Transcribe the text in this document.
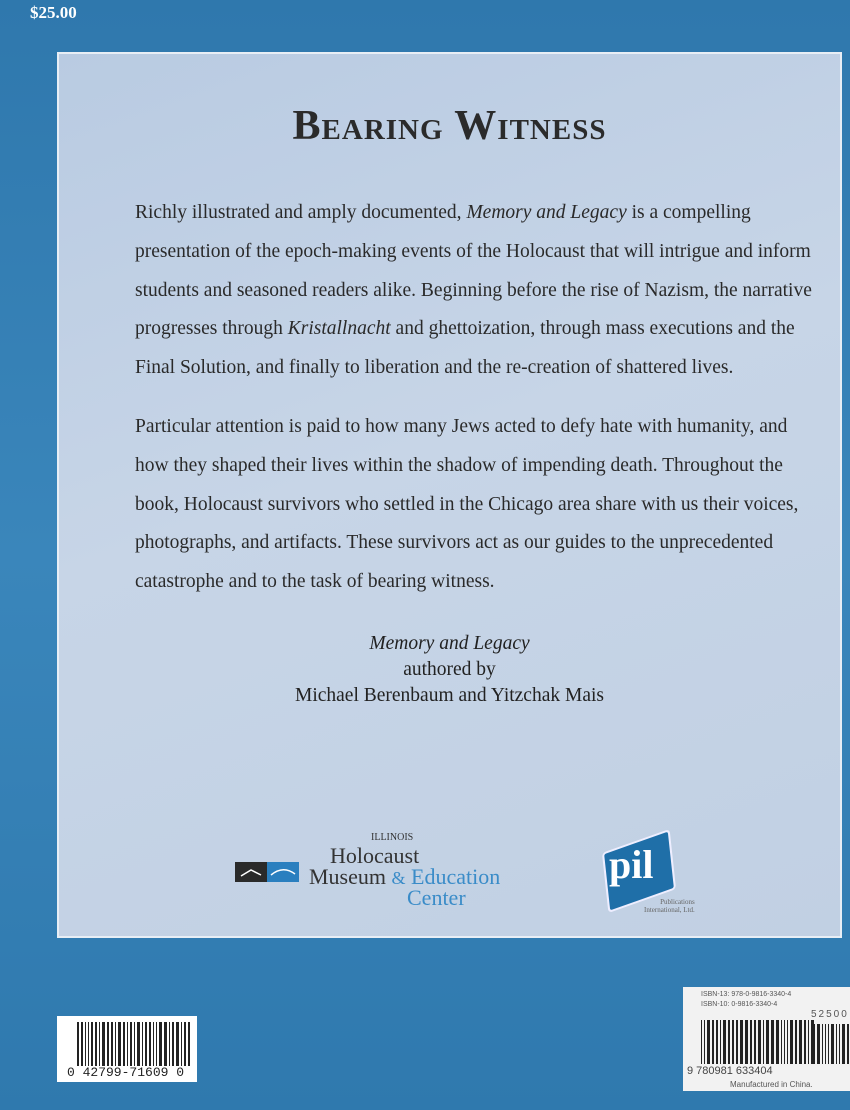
$25.00
Bearing Witness
Richly illustrated and amply documented, Memory and Legacy is a compelling presentation of the epoch-making events of the Holocaust that will intrigue and inform students and seasoned readers alike. Beginning before the rise of Nazism, the narrative progresses through Kristallnacht and ghettoization, through mass executions and the Final Solution, and finally to liberation and the re-creation of shattered lives.
Particular attention is paid to how many Jews acted to defy hate with humanity, and how they shaped their lives within the shadow of impending death. Throughout the book, Holocaust survivors who settled in the Chicago area share with us their voices, photographs, and artifacts. These survivors act as our guides to the unprecedented catastrophe and to the task of bearing witness.
Memory and Legacy
authored by
Michael Berenbaum and Yitzchak Mais
ILLINOIS
Holocaust
Museum & Education
Center
pil
Publications
International, Ltd.
0 42799-71609 0
ISBN-13: 978-0-9816-3340-4
ISBN-10: 0-9816-3340-4
52500
9 780981 633404
Manufactured in China.
